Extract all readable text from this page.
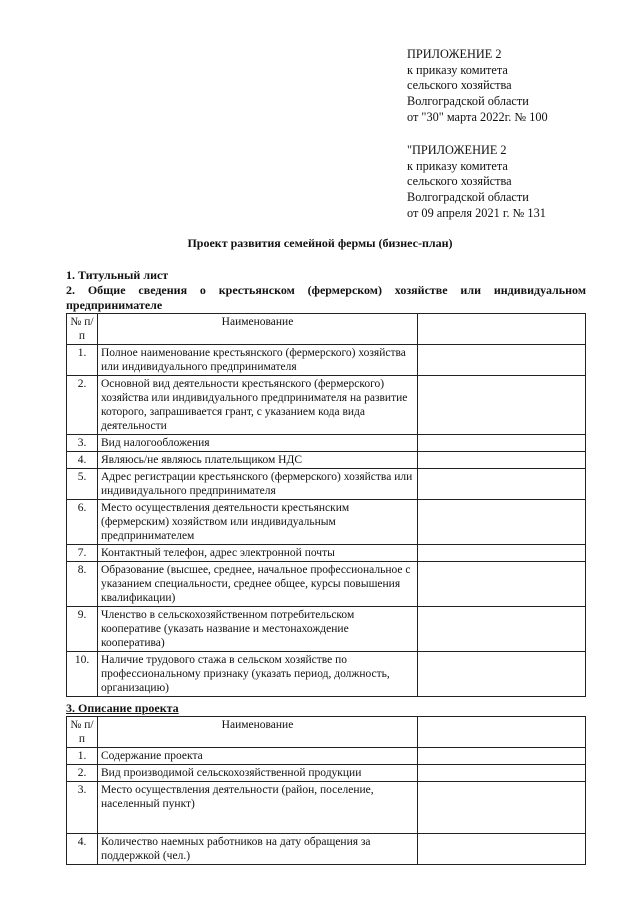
ПРИЛОЖЕНИЕ 2
к приказу комитета
сельского хозяйства
Волгоградской области
от "30" марта 2022г. № 100
"ПРИЛОЖЕНИЕ 2
к приказу комитета
сельского хозяйства
Волгоградской области
от 09 апреля 2021 г. № 131
Проект развития семейной фермы (бизнес-план)
1. Титульный лист
2. Общие сведения о крестьянском (фермерском) хозяйстве или индивидуальном предпринимателе
№ п/п	Наименование	
1.	Полное наименование крестьянского (фермерского) хозяйства или индивидуального предпринимателя	
2.	Основной вид деятельности крестьянского (фермерского) хозяйства или индивидуального предпринимателя на развитие которого, запрашивается грант, с указанием кода вида деятельности	
3.	Вид налогообложения	
4.	Являюсь/не являюсь плательщиком НДС	
5.	Адрес регистрации крестьянского (фермерского) хозяйства или индивидуального предпринимателя	
6.	Место осуществления деятельности крестьянским (фермерским) хозяйством или индивидуальным предпринимателем	
7.	Контактный телефон, адрес электронной почты	
8.	Образование (высшее, среднее, начальное профессиональное с указанием специальности, среднее общее, курсы повышения квалификации)	
9.	Членство в сельскохозяйственном потребительском кооперативе (указать название и местонахождение кооператива)	
10.	Наличие трудового стажа в сельском хозяйстве по профессиональному признаку (указать период, должность, организацию)	
3. Описание проекта
№ п/п	Наименование	
1.	Содержание проекта	
2.	Вид производимой сельскохозяйственной продукции	
3.	Место осуществления деятельности (район, поселение, населенный пункт)	
4.	Количество наемных работников на дату обращения за поддержкой (чел.)	
